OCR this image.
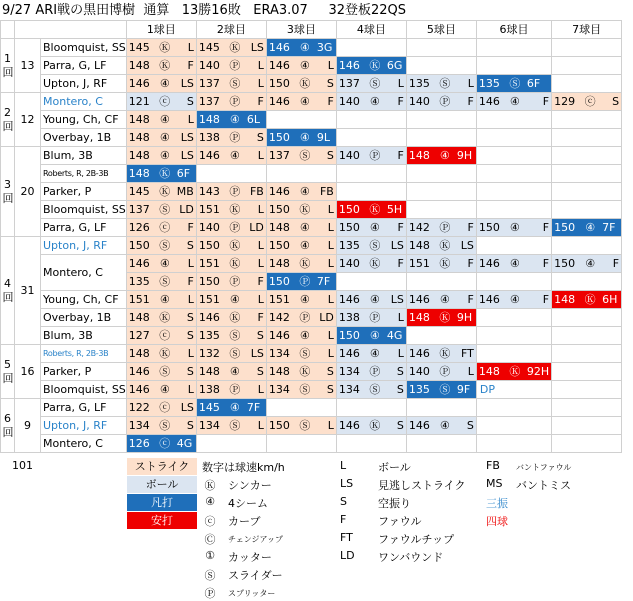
9/27 ARI戦の黒田博樹  通算   13勝16敗   ERA3.07     32登板22QS
			1球目	2球目	3球目	4球目	5球目	6球目	7球目
1回	13	Bloomquist, SS	145 Ⓚ L	145 Ⓚ LS	146 ④ 3G				

		Parra, G, LF	148 Ⓚ F	140 Ⓟ L	146 ④ L	146 Ⓚ 6G			

		Upton, J, RF	146 ④ LS	137 Ⓢ L	150 Ⓚ S	137 Ⓢ L	135 Ⓢ L	135 Ⓢ 6F	

2回	12	Montero, C	121 ⓒ S	137 Ⓟ F	146 ④ F	140 ④ F	140 Ⓟ F	146 ④ F	129 ⓒ S

		Young, Ch, CF	148 ④ L	148 ④ 6L					

		Overbay, 1B	148 ④ LS	138 Ⓟ S	150 ④ 9L				

3回	20	Blum, 3B	148 ④ LS	146 ④ L	137 Ⓢ S	140 Ⓟ F	148 ④ 9H		

		Roberts, R, 2B-3B	148 Ⓚ 6F						

		Parker, P	145 Ⓚ MB	143 Ⓟ FB	146 ④ FB				

		Bloomquist, SS	137 Ⓢ LD	151 Ⓚ L	150 Ⓚ L	150 Ⓚ 5H			

		Parra, G, LF	126 ⓒ F	140 Ⓟ LD	148 ④ L	150 ④ F	142 Ⓟ F	150 ④ F	150 ④ 7F

4回	31	Upton, J, RF	150 Ⓢ S	150 Ⓚ L	150 ④ L	135 Ⓢ LS	148 Ⓚ LS		

		Montero, C	146 ④ L	151 Ⓚ L	148 Ⓚ L	140 Ⓚ F	151 Ⓚ F	146 ④ F	150 ④ F

			135 Ⓢ F	150 Ⓟ F	150 Ⓟ 7F				

		Young, Ch, CF	151 ④ L	151 ④ L	151 ④ L	146 ④ LS	146 ④ F	146 ④ F	148 Ⓚ 6H

		Overbay, 1B	148 Ⓚ S	146 Ⓚ F	142 Ⓟ LD	138 Ⓟ L	148 Ⓚ 9H		

		Blum, 3B	127 ⓒ S	135 Ⓢ S	146 ④ L	150 ④ 4G			

5回	16	Roberts, R, 2B-3B	148 Ⓚ L	132 Ⓢ LS	134 Ⓢ L	146 ④ L	146 Ⓚ FT		

		Parker, P	146 Ⓢ S	148 ④ S	148 Ⓚ S	134 Ⓟ S	140 Ⓟ L	148 Ⓚ 92H	

		Bloomquist, SS	146 ④ L	138 Ⓟ L	134 Ⓢ S	134 Ⓢ S	135 Ⓢ 9F	DP	
6回	9	Parra, G, LF	122 ⓒ LS	145 ④ 7F					

		Upton, J, RF	134 Ⓢ S	134 Ⓢ L	150 Ⓢ L	146 Ⓚ S	146 ④ S		

		Montero, C	126 ⓒ 4G						

101	ストライク
ボール
凡打
安打
数字は球速km/h
Ⓚ シンカー
④ 4シーム
ⓒ カーブ
Ⓒ	チェンジアップ
① カッター
Ⓢ スライダー
Ⓟ	スプリッター
L	ボール
LS 見逃しストライク
S	空振り
F	ファウル
FT ファウルチップ
LD ワンバウンド
FB バントファウル
MS バントミス
三振
四球
